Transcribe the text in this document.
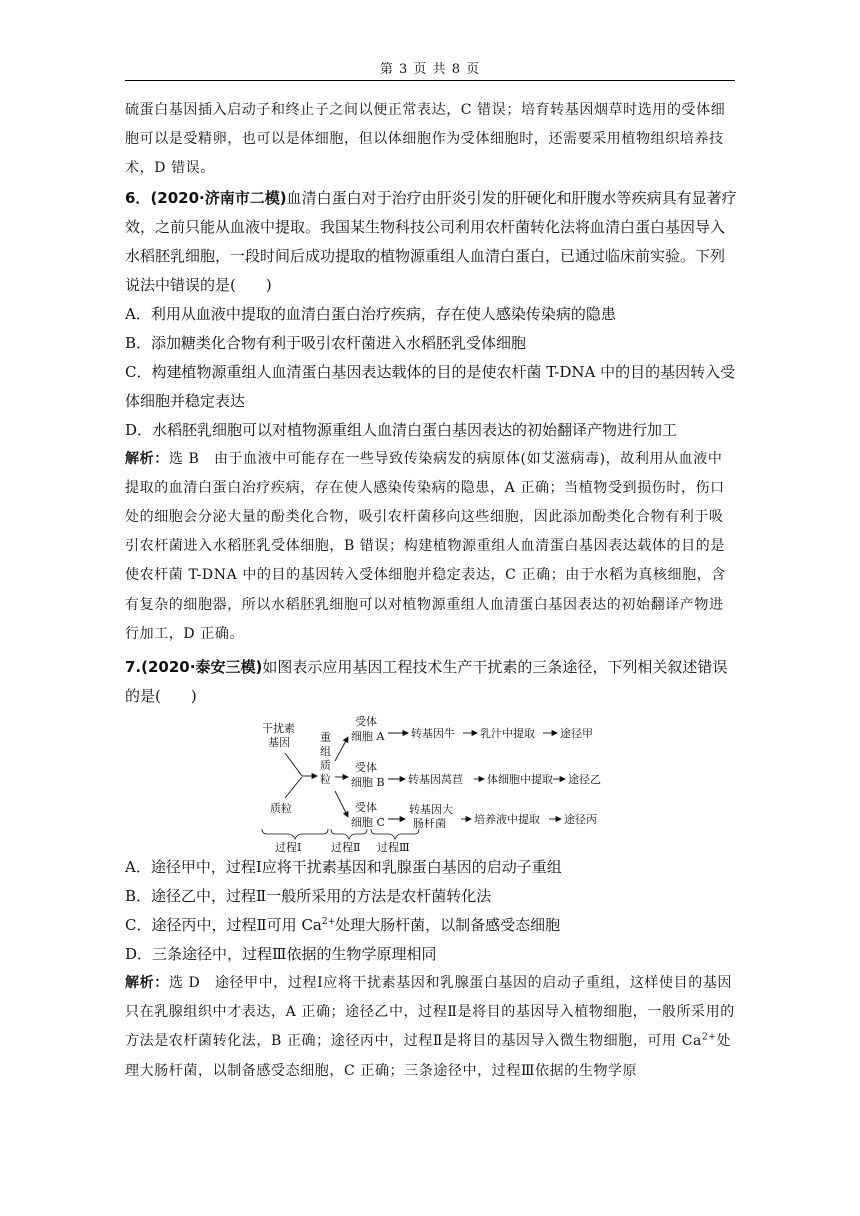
第 3 页 共 8 页

硫蛋白基因插入启动子和终止子之间以便正常表达，C 错误；培育转基因烟草时选用的受体细胞可以是受精卵，也可以是体细胞，但以体细胞作为受体细胞时，还需要采用植物组织培养技术，D 错误。

6．(2020·济南市二模)血清白蛋白对于治疗由肝炎引发的肝硬化和肝腹水等疾病具有显著疗效，之前只能从血液中提取。我国某生物科技公司利用农杆菌转化法将血清白蛋白基因导入水稻胚乳细胞，一段时间后成功提取的植物源重组人血清白蛋白，已通过临床前实验。下列说法中错误的是(　　)

A．利用从血液中提取的血清白蛋白治疗疾病，存在使人感染传染病的隐患

B．添加糖类化合物有利于吸引农杆菌进入水稻胚乳受体细胞

C．构建植物源重组人血清蛋白基因表达载体的目的是使农杆菌 T-DNA 中的目的基因转入受体细胞并稳定表达

D．水稻胚乳细胞可以对植物源重组人血清白蛋白基因表达的初始翻译产物进行加工

解析：选 B　由于血液中可能存在一些导致传染病发的病原体(如艾滋病毒)，故利用从血液中提取的血清白蛋白治疗疾病，存在使人感染传染病的隐患，A 正确；当植物受到损伤时，伤口处的细胞会分泌大量的酚类化合物，吸引农杆菌移向这些细胞，因此添加酚类化合物有利于吸引农杆菌进入水稻胚乳受体细胞，B 错误；构建植物源重组人血清蛋白基因表达载体的目的是使农杆菌 T-DNA 中的目的基因转入受体细胞并稳定表达，C 正确；由于水稻为真核细胞，含有复杂的细胞器，所以水稻胚乳细胞可以对植物源重组人血清蛋白基因表达的初始翻译产物进行加工，D 正确。

7.(2020·泰安三模)如图表示应用基因工程技术生产干扰素的三条途径，下列相关叙述错误的是(　　)

干扰素
基因
质粒
重
组
质
粒
受体
细胞 A
受体
细胞 B
受体
细胞 C
转基因牛 乳汁中提取 途径甲
转基因莴苣 体细胞中提取 途径乙
转基因大
肠杆菌	培养液中提取 途径丙
过程Ⅰ	过程Ⅱ 过程Ⅲ

A．途径甲中，过程Ⅰ应将干扰素基因和乳腺蛋白基因的启动子重组

B．途径乙中，过程Ⅱ一般所采用的方法是农杆菌转化法

C．途径丙中，过程Ⅱ可用 $Ca^{2+}$处理大肠杆菌，以制备感受态细胞

D．三条途径中，过程Ⅲ依据的生物学原理相同

解析：选 D　途径甲中，过程Ⅰ应将干扰素基因和乳腺蛋白基因的启动子重组，这样使目的基因只在乳腺组织中才表达，A 正确；途径乙中，过程Ⅱ是将目的基因导入植物细胞，一般所采用的方法是农杆菌转化法，B 正确；途径丙中，过程Ⅱ是将目的基因导入微生物细胞，可用 $Ca^{2+}$处理大肠杆菌，以制备感受态细胞，C 正确；三条途径中，过程Ⅲ依据的生物学原
